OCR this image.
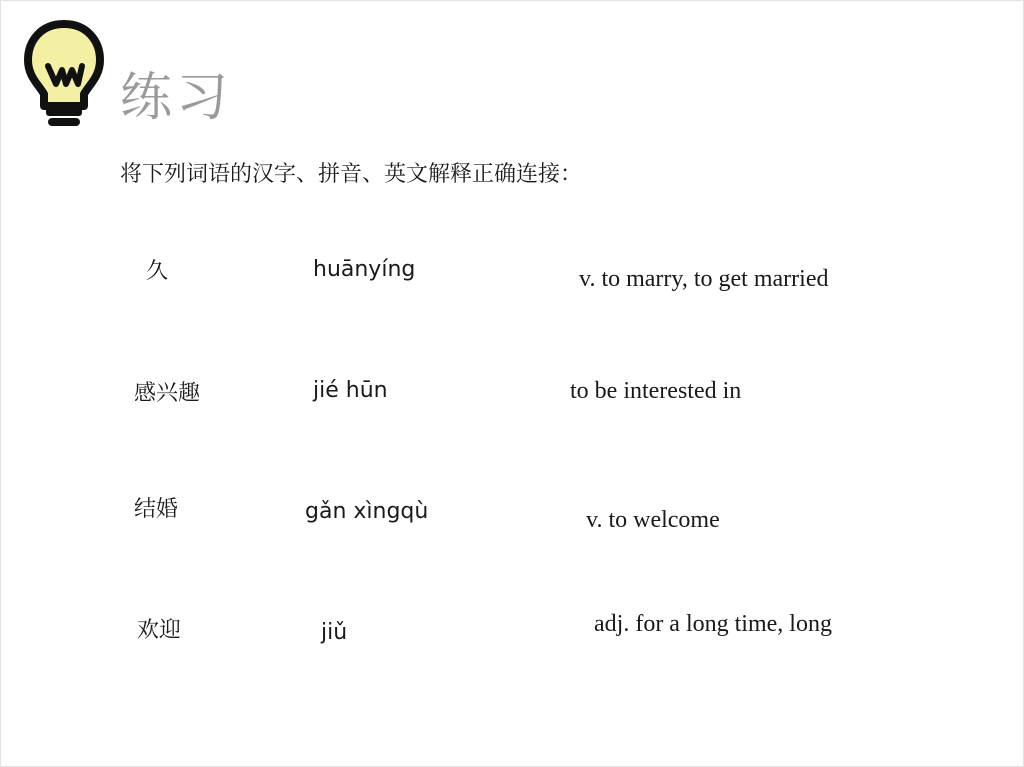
练习
将下列词语的汉字、拼音、英文解释正确连接：
久	huānyíng	v. to marry, to get married
感兴趣	jié hūn	to be interested in
结婚	gǎn xìngqù	v. to welcome
欢迎	jiǔ	adj. for a long time, long
